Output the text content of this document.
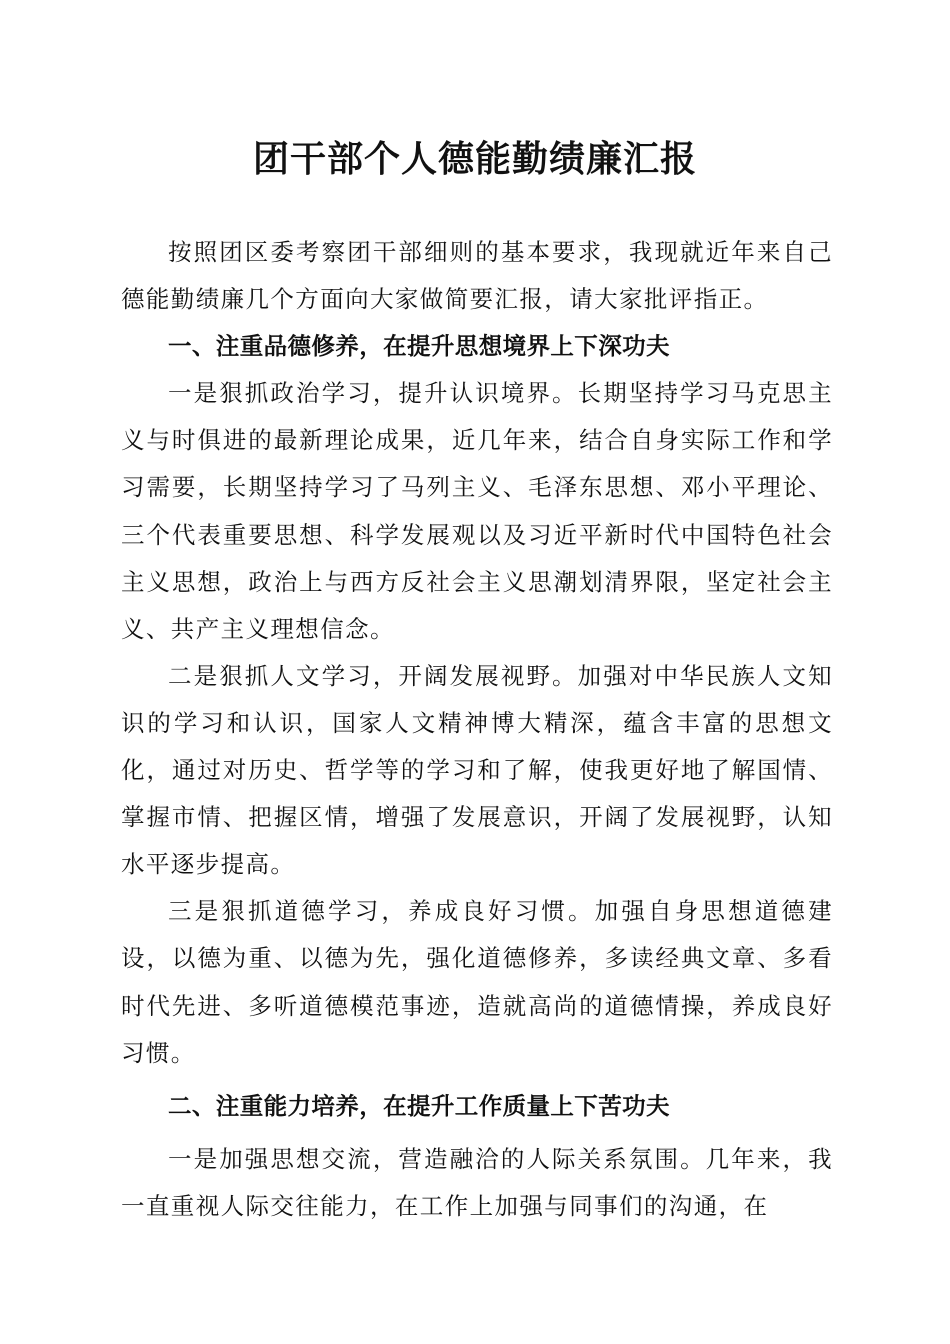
团干部个人德能勤绩廉汇报

按照团区委考察团干部细则的基本要求，我现就近年来自己德能勤绩廉几个方面向大家做简要汇报，请大家批评指正。

一、注重品德修养，在提升思想境界上下深功夫

一是狠抓政治学习，提升认识境界。长期坚持学习马克思主义与时俱进的最新理论成果，近几年来，结合自身实际工作和学习需要，长期坚持学习了马列主义、毛泽东思想、邓小平理论、三个代表重要思想、科学发展观以及习近平新时代中国特色社会主义思想，政治上与西方反社会主义思潮划清界限，坚定社会主义、共产主义理想信念。

二是狠抓人文学习，开阔发展视野。加强对中华民族人文知识的学习和认识，国家人文精神博大精深，蕴含丰富的思想文化，通过对历史、哲学等的学习和了解，使我更好地了解国情、掌握市情、把握区情，增强了发展意识，开阔了发展视野，认知水平逐步提高。

三是狠抓道德学习，养成良好习惯。加强自身思想道德建设，以德为重、以德为先，强化道德修养，多读经典文章、多看时代先进、多听道德模范事迹，造就高尚的道德情操，养成良好习惯。

二、注重能力培养，在提升工作质量上下苦功夫

一是加强思想交流，营造融洽的人际关系氛围。几年来，我一直重视人际交往能力，在工作上加强与同事们的沟通，在
